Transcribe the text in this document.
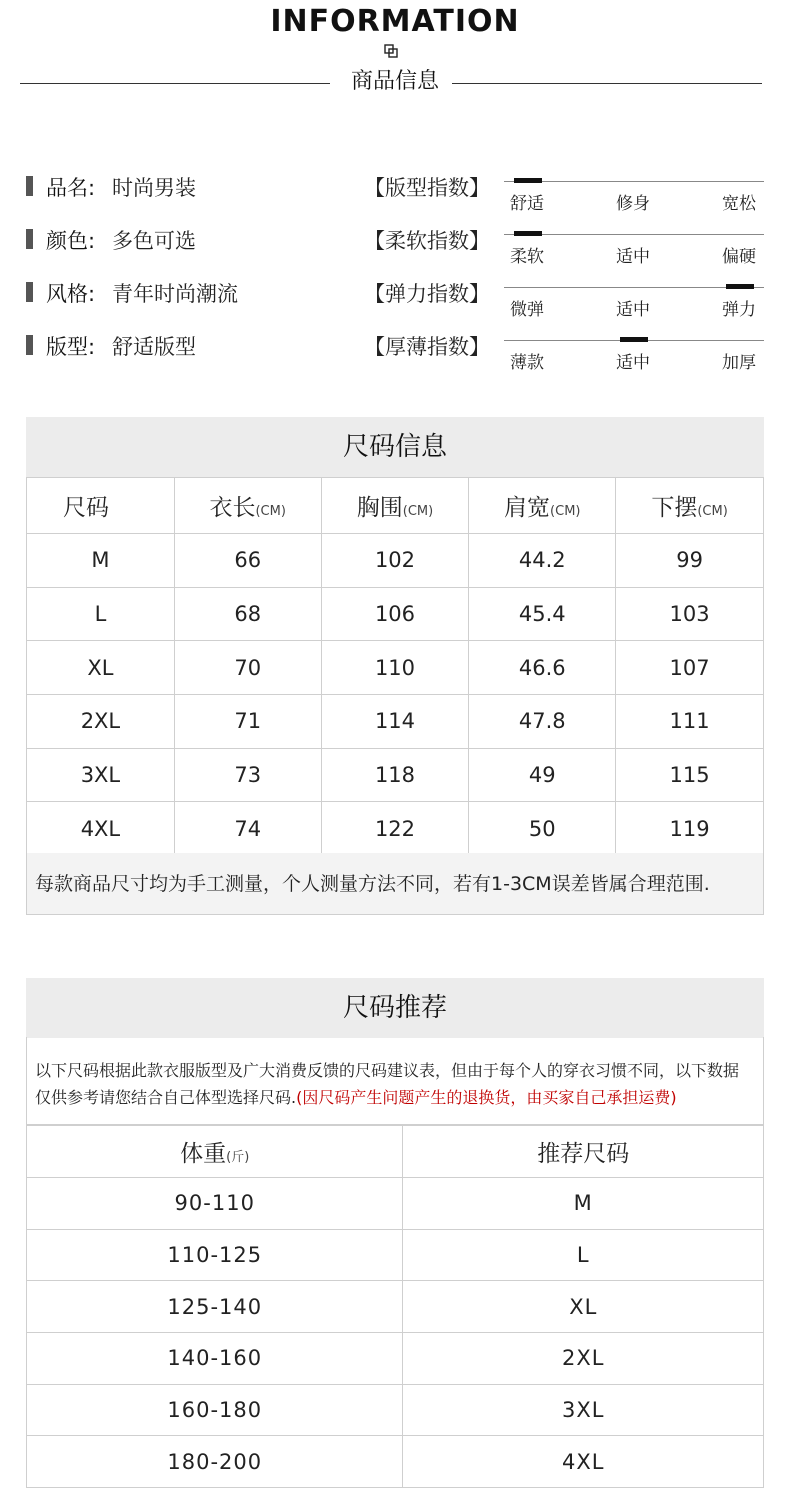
INFORMATION
商品信息
品名: 时尚男装
颜色: 多色可选
风格: 青年时尚潮流
版型: 舒适版型
【版型指数】
舒适	修身	宽松
【柔软指数】
柔软	适中	偏硬
【弹力指数】
微弹	适中	弹力
【厚薄指数】
薄款	适中	加厚
尺码信息
尺码	衣长(CM)	胸围(CM)	肩宽(CM)	下摆(CM)
M	66	102	44.2	99
L	68	106	45.4	103
XL	70	110	46.6	107
2XL	71	114	47.8	111
3XL	73	118	49	115
4XL	74	122	50	119
每款商品尺寸均为手工测量，个人测量方法不同，若有1-3CM误差皆属合理范围.
尺码推荐
以下尺码根据此款衣服版型及广大消费反馈的尺码建议表，但由于每个人的穿衣习惯不同，以下数据
仅供参考请您结合自己体型选择尺码.(因尺码产生问题产生的退换货，由买家自己承担运费)
体重(斤)	推荐尺码
90-110	M
110-125	L
125-140	XL
140-160	2XL
160-180	3XL
180-200	4XL
